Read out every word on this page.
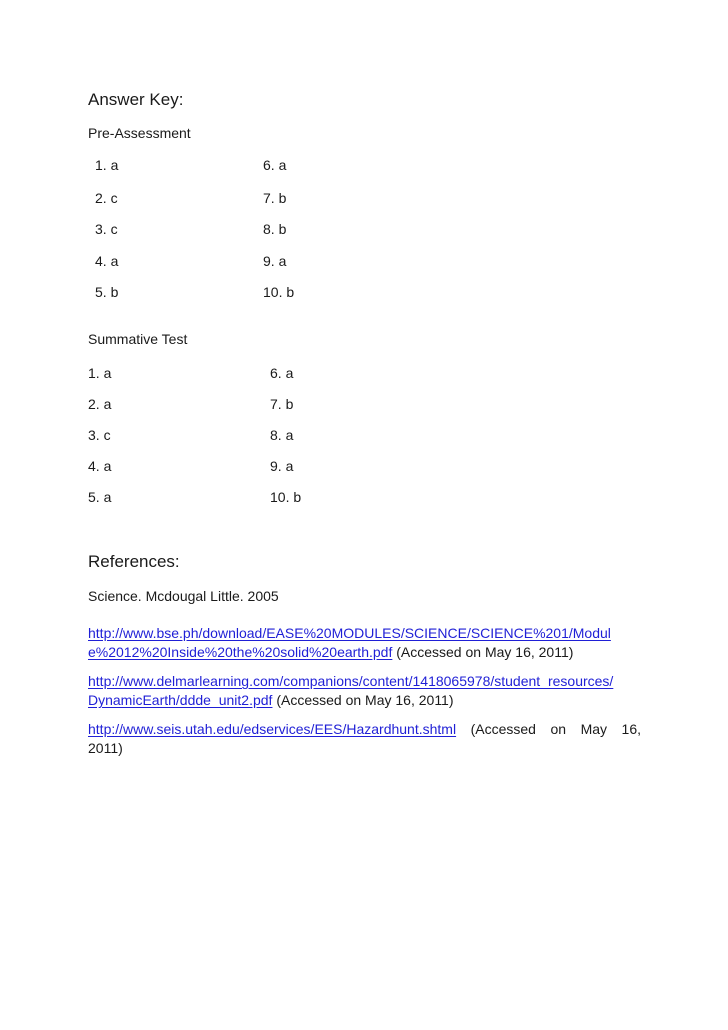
Answer Key:
Pre-Assessment
1. a	6. a
2. c	7. b
3. c	8. b
4. a	9. a
5. b	10. b
Summative Test
1. a	6. a
2. a	7. b
3. c	8. a
4. a	9. a
5. a	10. b
References:
Science. Mcdougal Little. 2005
http://www.bse.ph/download/EASE%20MODULES/SCIENCE/SCIENCE%201/Modul
e%2012%20Inside%20the%20solid%20earth.pdf (Accessed on May 16, 2011)
http://www.delmarlearning.com/companions/content/1418065978/student_resources/
DynamicEarth/ddde_unit2.pdf (Accessed on May 16, 2011)
http://www.seis.utah.edu/edservices/EES/Hazardhunt.shtml (Accessed on May 16,
2011)
